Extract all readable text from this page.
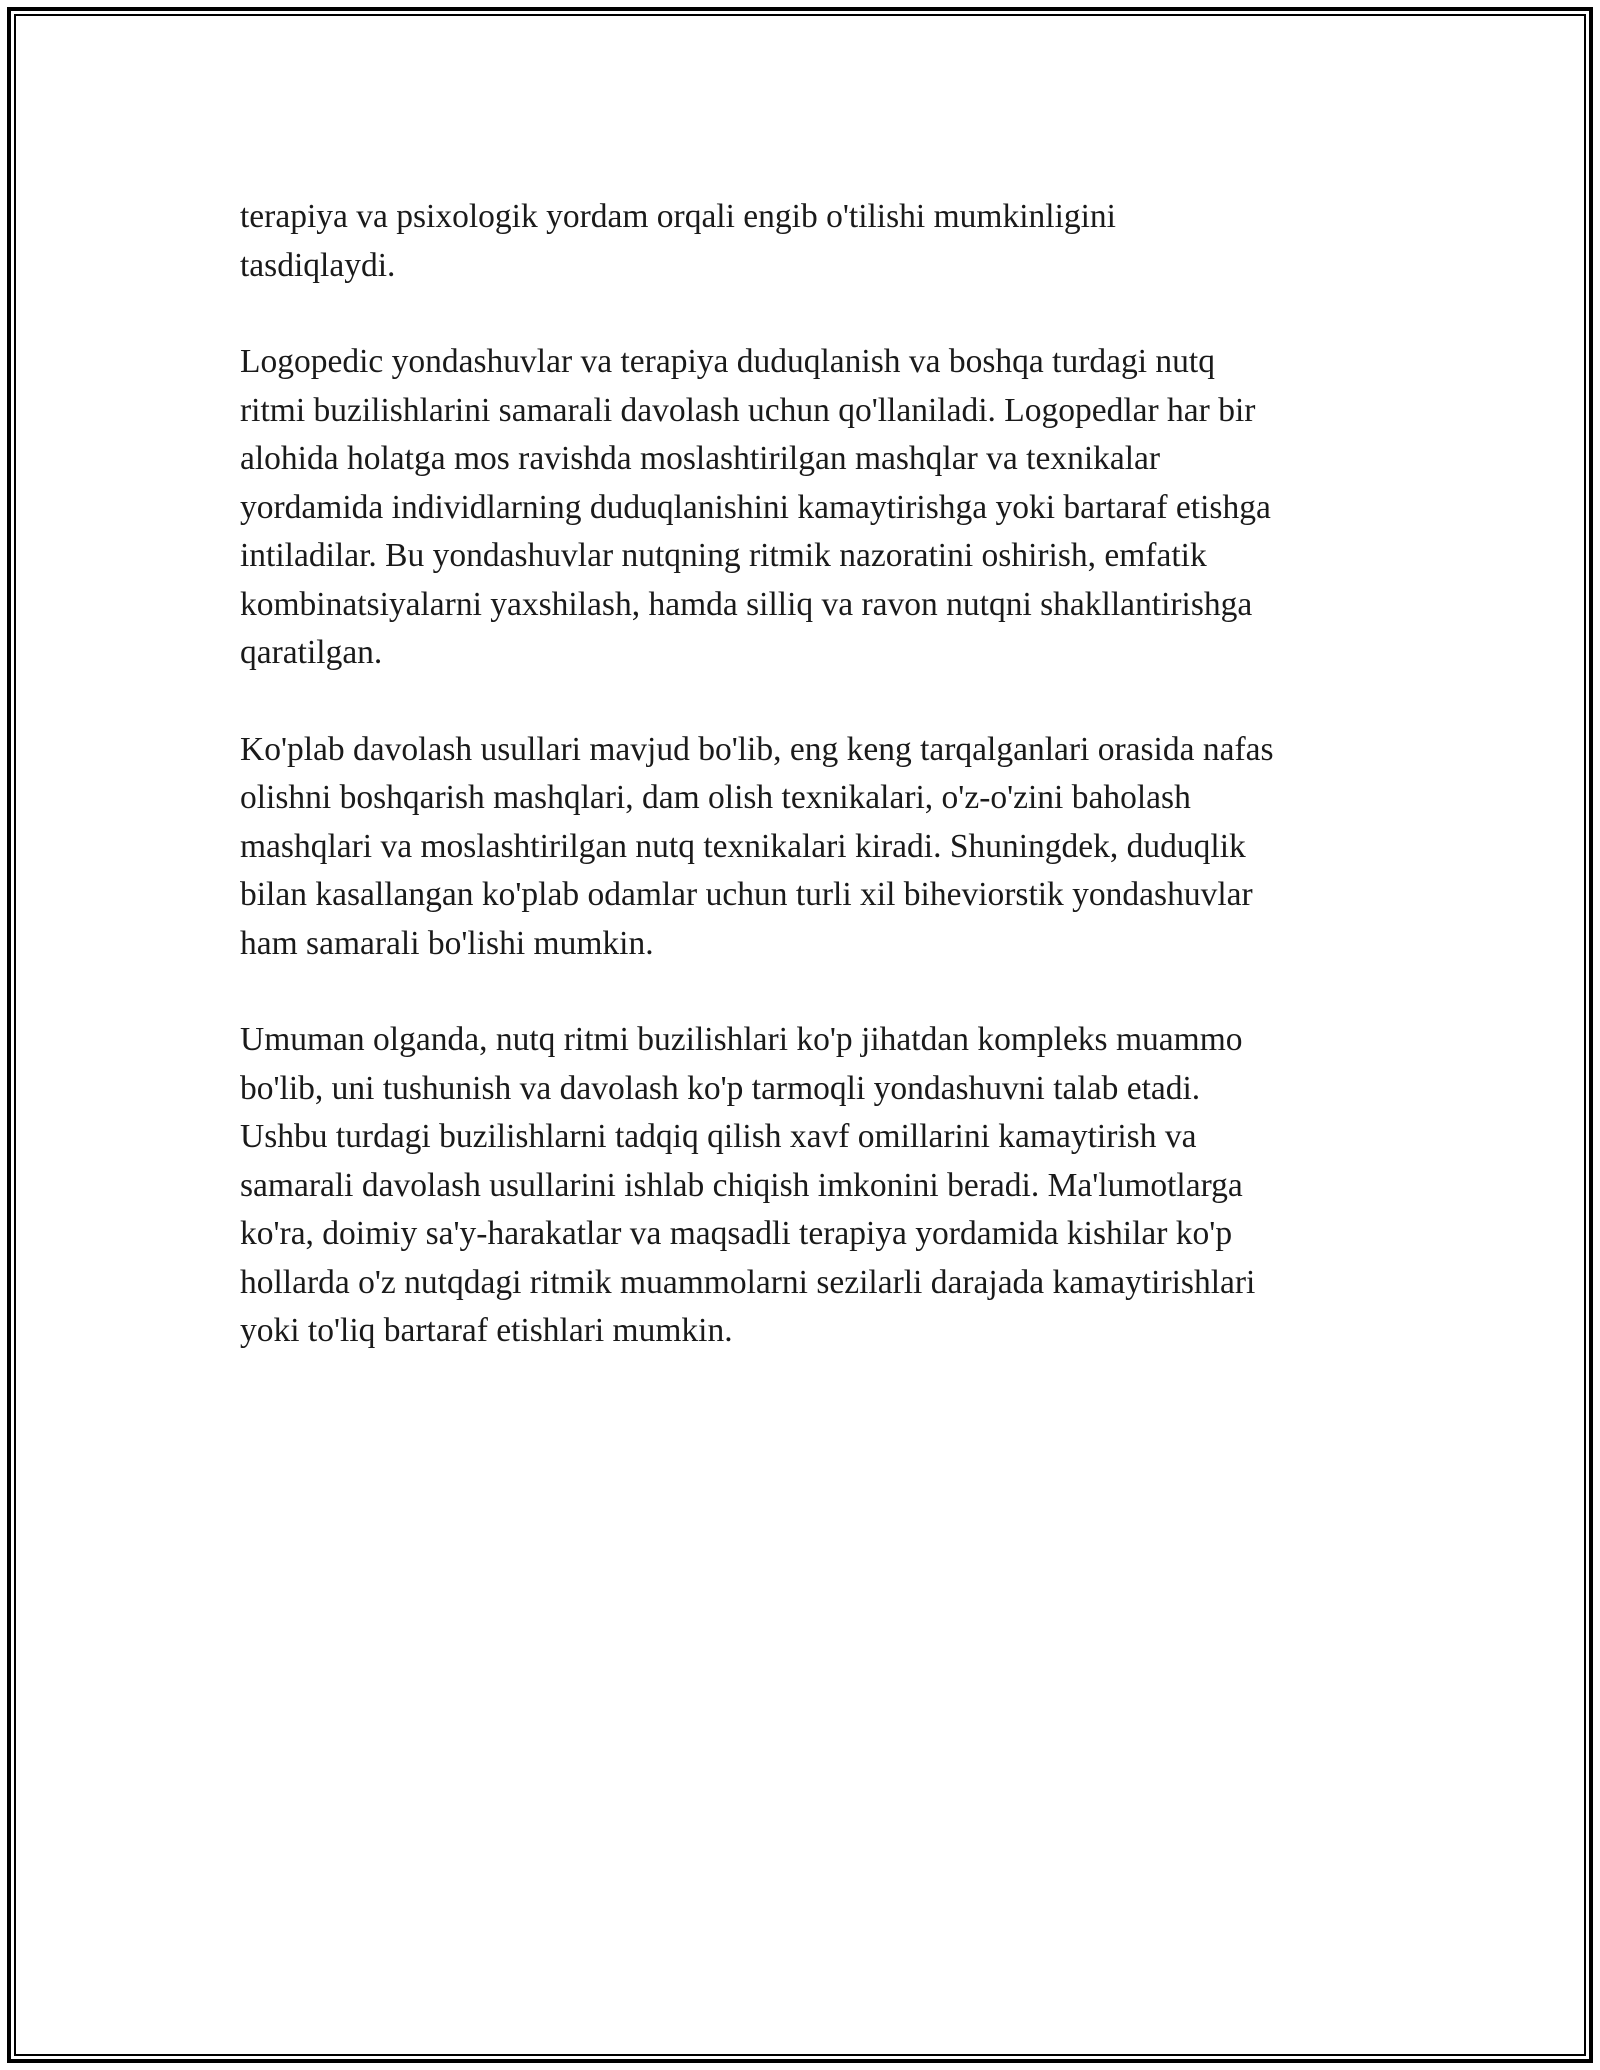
terapiya va psixologik yordam orqali engib o'tilishi mumkinligini
tasdiqlaydi.

Logopedic yondashuvlar va terapiya duduqlanish va boshqa turdagi nutq
ritmi buzilishlarini samarali davolash uchun qo'llaniladi. Logopedlar har bir
alohida holatga mos ravishda moslashtirilgan mashqlar va texnikalar
yordamida individlarning duduqlanishini kamaytirishga yoki bartaraf etishga
intiladilar. Bu yondashuvlar nutqning ritmik nazoratini oshirish, emfatik
kombinatsiyalarni yaxshilash, hamda silliq va ravon nutqni shakllantirishga
qaratilgan.

Ko'plab davolash usullari mavjud bo'lib, eng keng tarqalganlari orasida nafas
olishni boshqarish mashqlari, dam olish texnikalari, o'z-o'zini baholash
mashqlari va moslashtirilgan nutq texnikalari kiradi. Shuningdek, duduqlik
bilan kasallangan ko'plab odamlar uchun turli xil biheviorstik yondashuvlar
ham samarali bo'lishi mumkin.

Umuman olganda, nutq ritmi buzilishlari ko'p jihatdan kompleks muammo
bo'lib, uni tushunish va davolash ko'p tarmoqli yondashuvni talab etadi.
Ushbu turdagi buzilishlarni tadqiq qilish xavf omillarini kamaytirish va
samarali davolash usullarini ishlab chiqish imkonini beradi. Ma'lumotlarga
ko'ra, doimiy sa'y-harakatlar va maqsadli terapiya yordamida kishilar ko'p
hollarda o'z nutqdagi ritmik muammolarni sezilarli darajada kamaytirishlari
yoki to'liq bartaraf etishlari mumkin.
